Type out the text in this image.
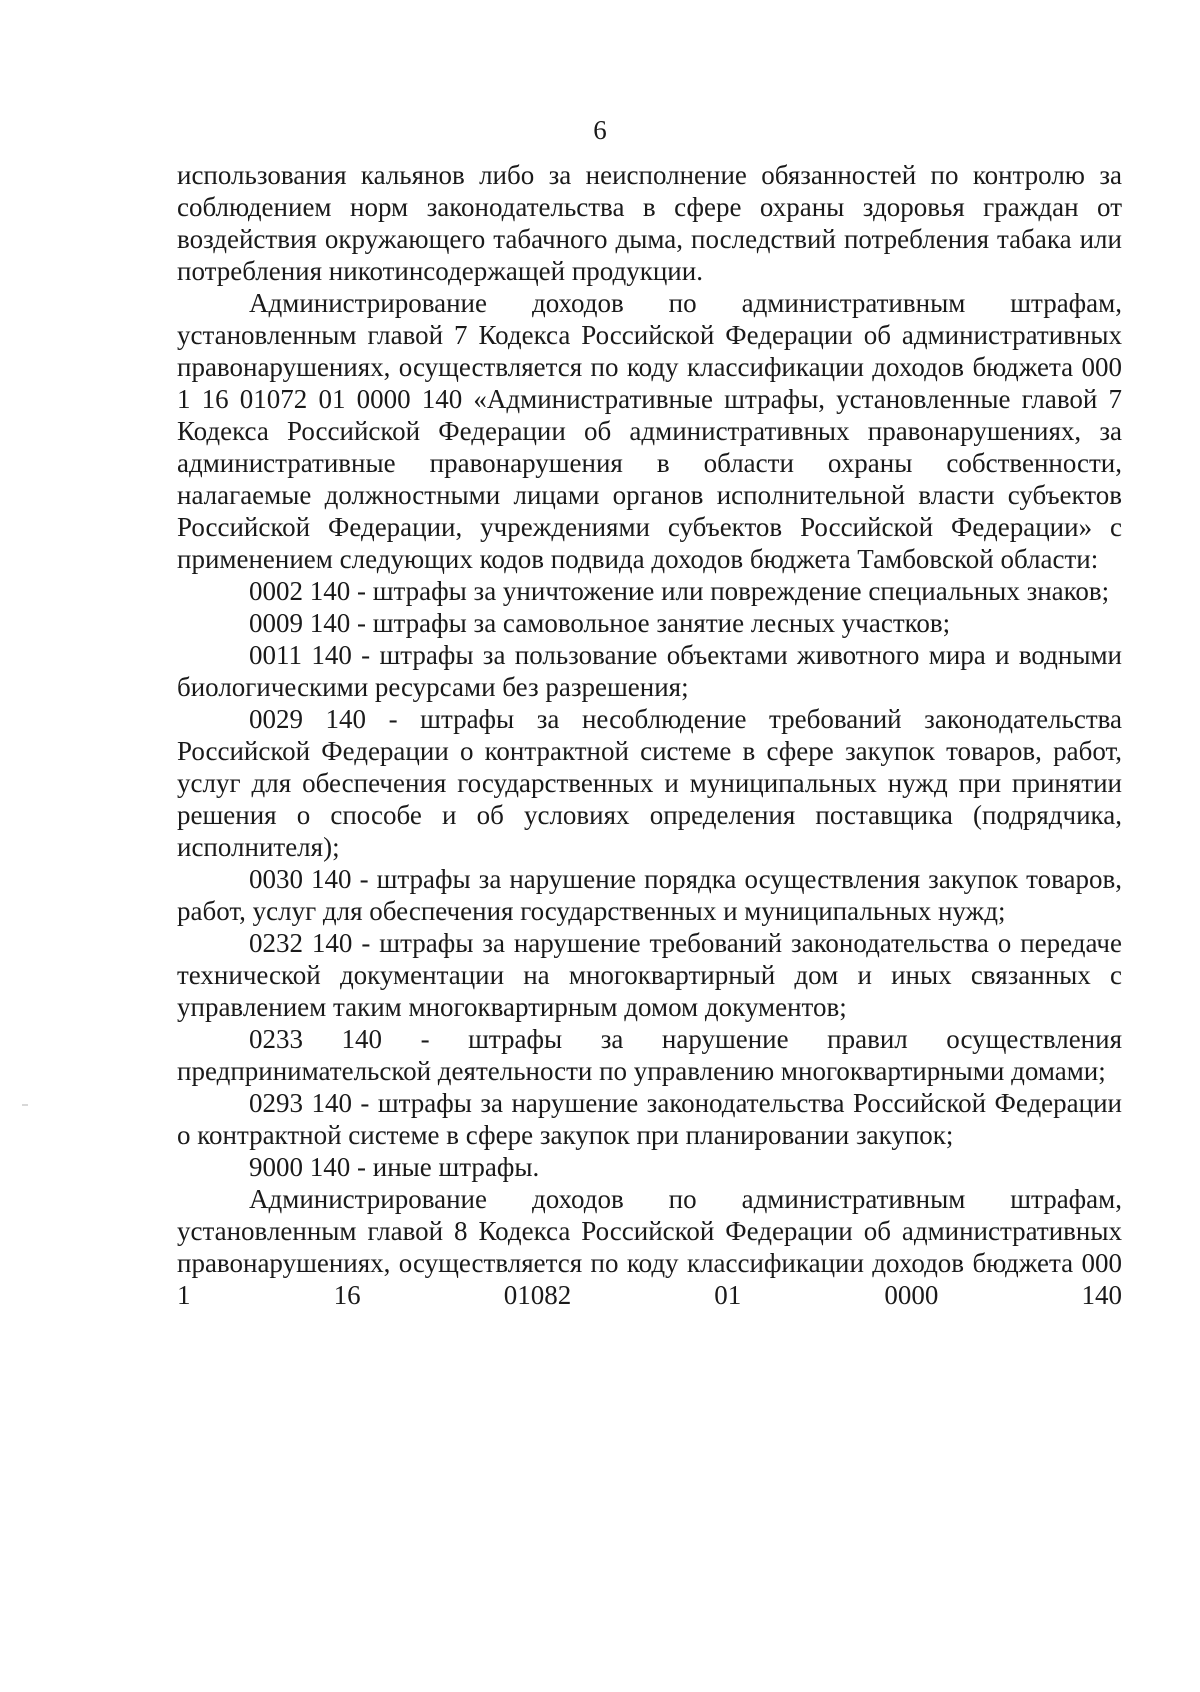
6

использования кальянов либо за неисполнение обязанностей по контролю за соблюдением норм законодательства в сфере охраны здоровья граждан от воздействия окружающего табачного дыма, последствий потребления табака или потребления никотинсодержащей продукции.

Администрирование доходов по административным штрафам, установленным главой 7 Кодекса Российской Федерации об административных правонарушениях, осуществляется по коду классификации доходов бюджета 000 1 16 01072 01 0000 140 «Административные штрафы, установленные главой 7 Кодекса Российской Федерации об административных правонарушениях, за административные правонарушения в области охраны собственности, налагаемые должностными лицами органов исполнительной власти субъектов Российской Федерации, учреждениями субъектов Российской Федерации» с применением следующих кодов подвида доходов бюджета Тамбовской области:

0002 140 - штрафы за уничтожение или повреждение специальных знаков;

0009 140 - штрафы за самовольное занятие лесных участков;

0011 140 - штрафы за пользование объектами животного мира и водными биологическими ресурсами без разрешения;

0029 140 - штрафы за несоблюдение требований законодательства Российской Федерации о контрактной системе в сфере закупок товаров, работ, услуг для обеспечения государственных и муниципальных нужд при принятии решения о способе и об условиях определения поставщика (подрядчика, исполнителя);

0030 140 - штрафы за нарушение порядка осуществления закупок товаров, работ, услуг для обеспечения государственных и муниципальных нужд;

0232 140 - штрафы за нарушение требований законодательства о передаче технической документации на многоквартирный дом и иных связанных с управлением таким многоквартирным домом документов;

0233 140 - штрафы за нарушение правил осуществления предпринимательской деятельности по управлению многоквартирными домами;

0293 140 - штрафы за нарушение законодательства Российской Федерации о контрактной системе в сфере закупок при планировании закупок;

9000 140 - иные штрафы.

Администрирование доходов по административным штрафам, установленным главой 8 Кодекса Российской Федерации об административных правонарушениях, осуществляется по коду классификации доходов бюджета 000 1 16 01082 01 0000 140
